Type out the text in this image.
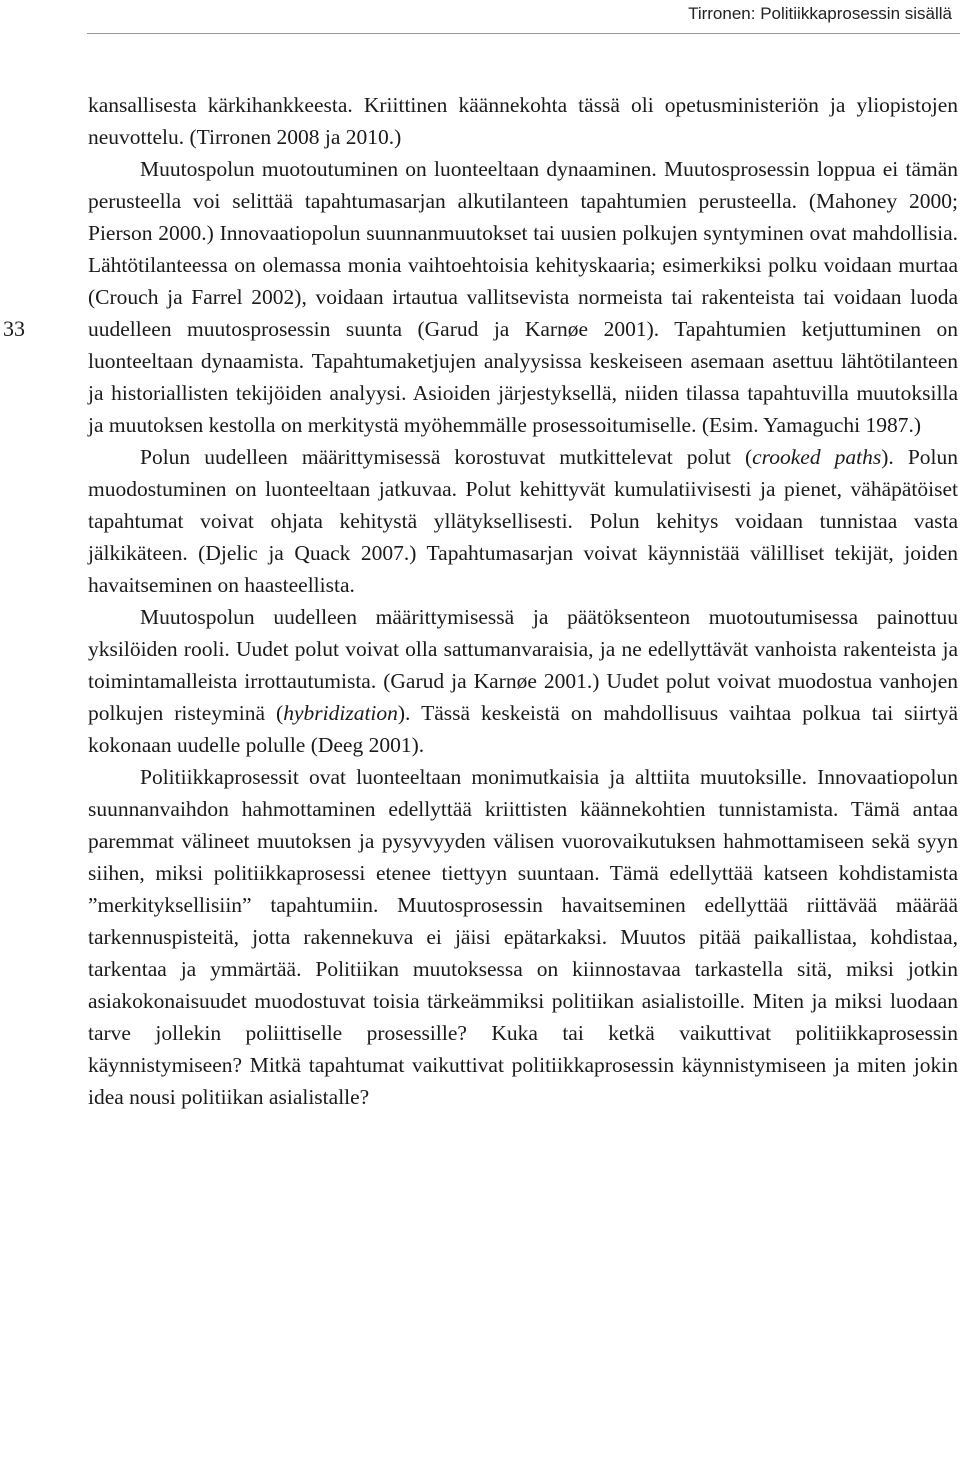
Tirronen: Politiikkaprosessin sisällä
33

kansallisesta kärkihankkeesta. Kriittinen käännekohta tässä oli opetusministeriön ja yliopistojen neuvottelu. (Tirronen 2008 ja 2010.)

Muutospolun muotoutuminen on luonteeltaan dynaaminen. Muutosprosessin loppua ei tämän perusteella voi selittää tapahtumasarjan alkutilanteen tapahtumien perusteella. (Mahoney 2000; Pierson 2000.) Innovaatiopolun suunnanmuutokset tai uusien polkujen syntyminen ovat mahdollisia. Lähtötilanteessa on olemassa monia vaihtoehtoisia kehityskaaria; esimerkiksi polku voidaan murtaa (Crouch ja Farrel 2002), voidaan irtautua vallitsevista normeista tai rakenteista tai voidaan luoda uudelleen muutosprosessin suunta (Garud ja Karnøe 2001). Tapahtumien ketjuttuminen on luonteeltaan dynaamista. Tapahtumaketjujen analyysissa keskeiseen asemaan asettuu lähtötilanteen ja historiallisten tekijöiden analyysi. Asioiden järjestyksellä, niiden tilassa tapahtuvilla muutoksilla ja muutoksen kestolla on merkitystä myöhemmälle prosessoitumiselle. (Esim. Yamaguchi 1987.)

Polun uudelleen määrittymisessä korostuvat mutkittelevat polut (crooked paths). Polun muodostuminen on luonteeltaan jatkuvaa. Polut kehittyvät kumulatiivisesti ja pienet, vähäpätöiset tapahtumat voivat ohjata kehitystä yllätyksellisesti. Polun kehitys voidaan tunnistaa vasta jälkikäteen. (Djelic ja Quack 2007.) Tapahtumasarjan voivat käynnistää välilliset tekijät, joiden havaitseminen on haasteellista.

Muutospolun uudelleen määrittymisessä ja päätöksenteon muotoutumisessa painottuu yksilöiden rooli. Uudet polut voivat olla sattumanvaraisia, ja ne edellyttävät vanhoista rakenteista ja toimintamalleista irrottautumista. (Garud ja Karnøe 2001.) Uudet polut voivat muodostua vanhojen polkujen risteyminä (hybridization). Tässä keskeistä on mahdollisuus vaihtaa polkua tai siirtyä kokonaan uudelle polulle (Deeg 2001).

Politiikkaprosessit ovat luonteeltaan monimutkaisia ja alttiita muutoksille. Innovaatiopolun suunnanvaihdon hahmottaminen edellyttää kriittisten käännekohtien tunnistamista. Tämä antaa paremmat välineet muutoksen ja pysyvyyden välisen vuorovaikutuksen hahmottamiseen sekä syyn siihen, miksi politiikkaprosessi etenee tiettyyn suuntaan. Tämä edellyttää katseen kohdistamista ”merkityksellisiin” tapahtumiin. Muutosprosessin havaitseminen edellyttää riittävää määrää tarkennuspisteitä, jotta rakennekuva ei jäisi epätarkaksi. Muutos pitää paikallistaa, kohdistaa, tarkentaa ja ymmärtää. Politiikan muutoksessa on kiinnostavaa tarkastella sitä, miksi jotkin asiakokonaisuudet muodostuvat toisia tärkeämmiksi politiikan asialistoille. Miten ja miksi luodaan tarve jollekin poliittiselle prosessille? Kuka tai ketkä vaikuttivat politiikkaprosessin käynnistymiseen? Mitkä tapahtumat vaikuttivat politiikkaprosessin käynnistymiseen ja miten jokin idea nousi politiikan asialistalle?
